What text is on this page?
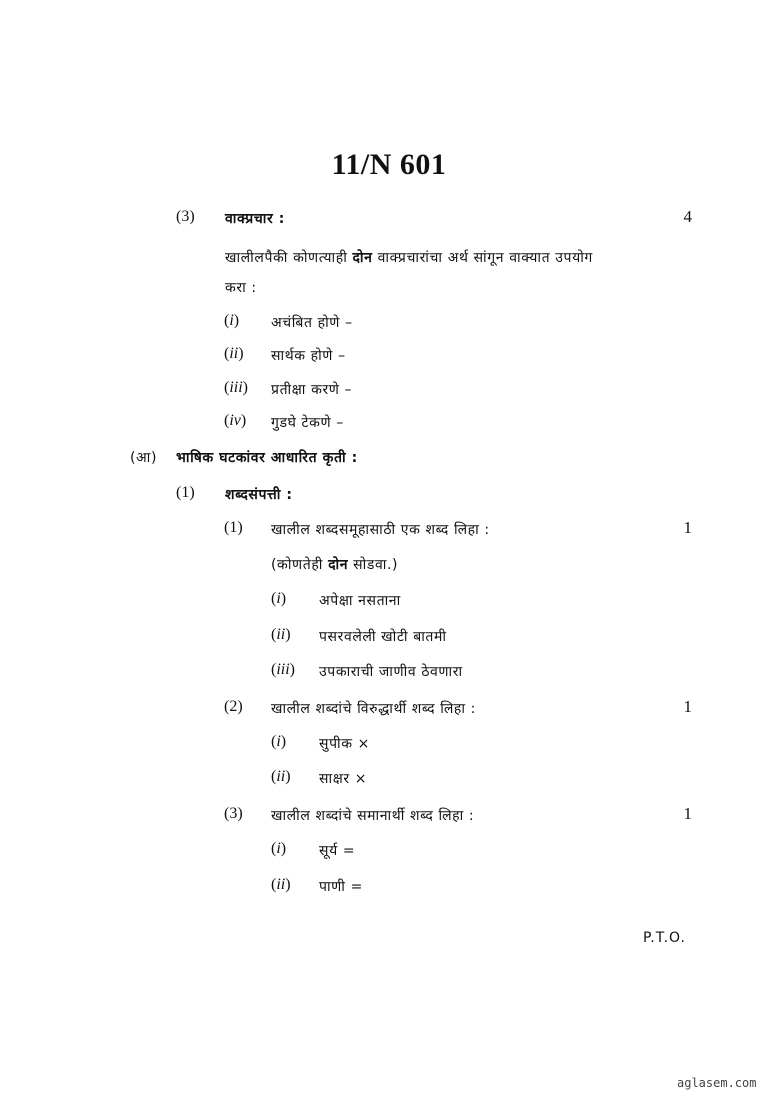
11/N 601
(3) वाक्प्रचार :	4
खालीलपैकी कोणत्याही दोन वाक्प्रचारांचा अर्थ सांगून वाक्यात उपयोग
करा :
(i) अचंबित होणे –
(ii) सार्थक होणे –
(iii) प्रतीक्षा करणे –
(iv) गुडघे टेकणे –
(आ) भाषिक घटकांवर आधारित कृती :
(1) शब्दसंपत्ती :
(1) खालील शब्दसमूहासाठी एक शब्द लिहा :	1
(कोणतेही दोन सोडवा.)
(i) अपेक्षा नसताना
(ii) पसरवलेली खोटी बातमी
(iii) उपकाराची जाणीव ठेवणारा
(2) खालील शब्दांचे विरुद्धार्थी शब्द लिहा :	1
(i) सुपीक ×
(ii) साक्षर ×
(3) खालील शब्दांचे समानार्थी शब्द लिहा :	1
(i) सूर्य =
(ii) पाणी =
P.T.O.
aglasem.com
